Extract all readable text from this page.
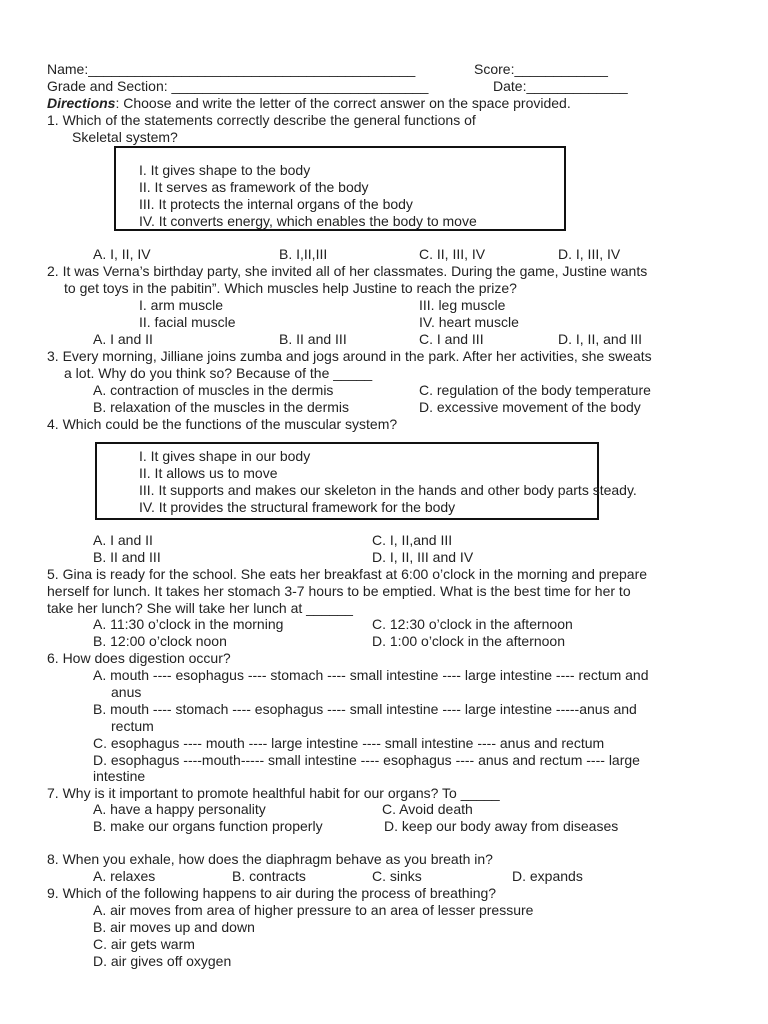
Name:__________________________________________	Score:____________
Grade and Section: _________________________________	Date:_____________
Directions: Choose and write the letter of the correct answer on the space provided.
1. Which of the statements correctly describe the general functions of
Skeletal system?
I. It gives shape to the body
II. It serves as framework of the body
III. It protects the internal organs of the body
IV. It converts energy, which enables the body to move
A. I, II, IV	B. I,II,III	C. II, III, IV	D. I, III, IV
2. It was Verna’s birthday party, she invited all of her classmates. During the game, Justine wants
to get toys in the pabitin”. Which muscles help Justine to reach the prize?
I. arm muscle	III. leg muscle
II. facial muscle	IV. heart muscle
A. I and II	B. II and III	C. I and III	D. I, II, and III
3. Every morning, Jilliane joins zumba and jogs around in the park. After her activities, she sweats
a lot. Why do you think so? Because of the _____
A. contraction of muscles in the dermis	C. regulation of the body temperature
B. relaxation of the muscles in the dermis	D. excessive movement of the body
4. Which could be the functions of the muscular system?
I. It gives shape in our body
II. It allows us to move
III. It supports and makes our skeleton in the hands and other body parts steady.
IV. It provides the structural framework for the body
A. I and II	C. I, II,and III
B. II and III	D. I, II, III and IV
5. Gina is ready for the school. She eats her breakfast at 6:00 o’clock in the morning and prepare
herself for lunch. It takes her stomach 3-7 hours to be emptied. What is the best time for her to
take her lunch? She will take her lunch at ______
A. 11:30 o’clock in the morning	C. 12:30 o’clock in the afternoon
B. 12:00 o’clock noon	D. 1:00 o’clock in the afternoon
6. How does digestion occur?
A. mouth ---- esophagus ---- stomach ---- small intestine ---- large intestine ---- rectum and
anus
B. mouth ---- stomach ---- esophagus ---- small intestine ---- large intestine -----anus and
rectum
C. esophagus ---- mouth ---- large intestine ---- small intestine ---- anus and rectum
D. esophagus ----mouth----- small intestine ---- esophagus ---- anus and rectum ---- large
intestine
7. Why is it important to promote healthful habit for our organs? To _____
A. have a happy personality	C. Avoid death
B. make our organs function properly	D. keep our body away from diseases
8. When you exhale, how does the diaphragm behave as you breath in?
A. relaxes	B. contracts	C. sinks	D. expands
9. Which of the following happens to air during the process of breathing?
A. air moves from area of higher pressure to an area of lesser pressure
B. air moves up and down
C. air gets warm
D. air gives off oxygen
